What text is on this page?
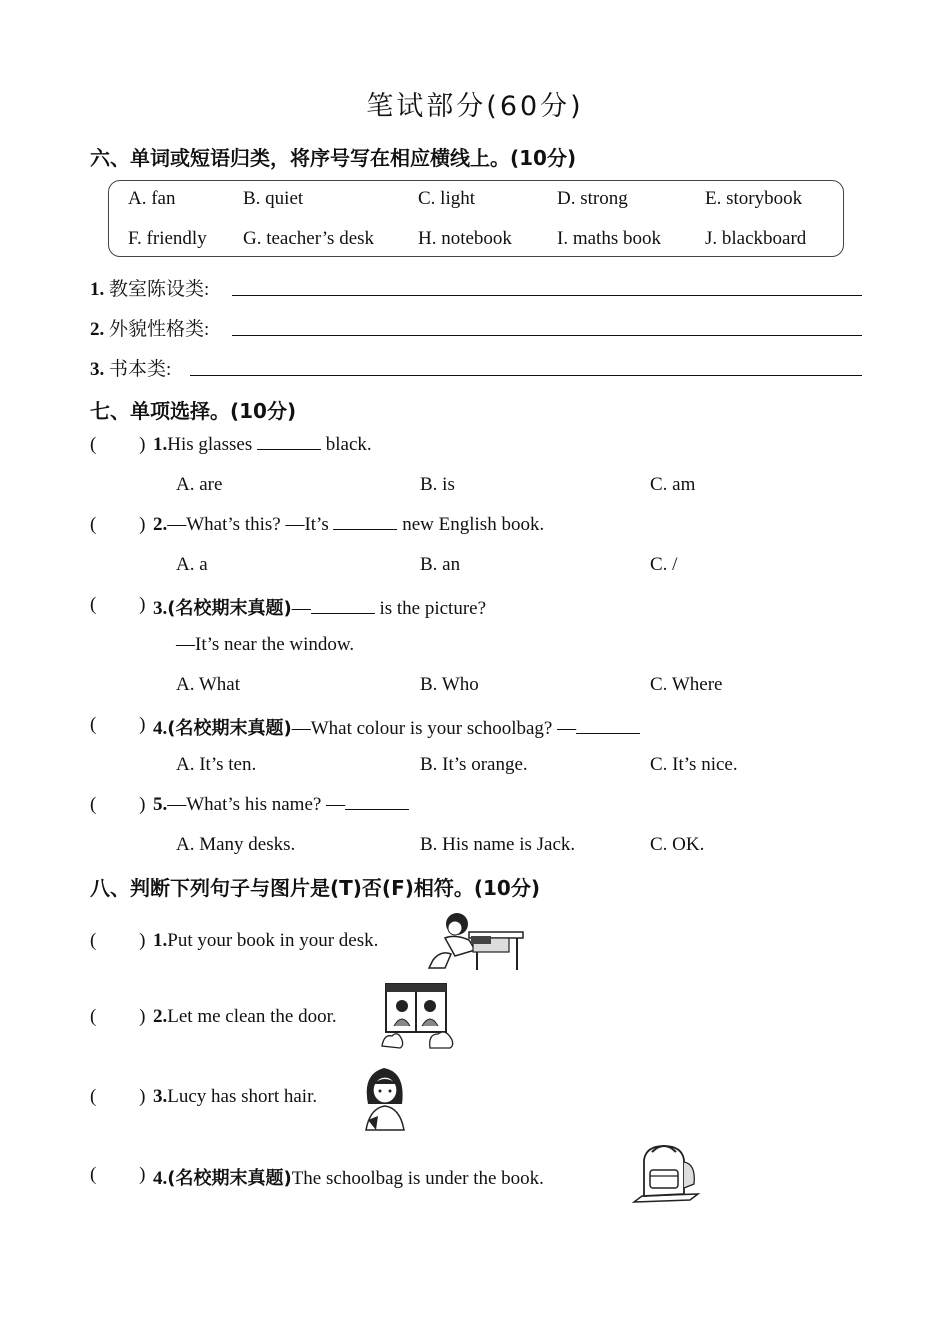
笔试部分(60分)
六、单词或短语归类，将序号写在相应横线上。(10分)
A. fan	B. quiet	C. light	D. strong	E. storybook
F. friendly G. teacher’s desk H. notebook I. maths book J. blackboard
1. 教室陈设类:
2. 外貌性格类:
3. 书本类:
七、单项选择。(10分)
(         ) 1.His glasses	black.
A. are	B. is	C. am
(         ) 2.—What’s this? —It’s	new English book.
A. a	B. an	C. /
(         ) 3.(名校期末真题)—	is the picture?
—It’s near the window.
A. What	B. Who	C. Where
(         ) 4.(名校期末真题)—What colour is your schoolbag? —
A. It’s ten.	B. It’s orange.	C. It’s nice.
(         ) 5.—What’s his name? —
A. Many desks.	B. His name is Jack.	C. OK.
八、判断下列句子与图片是(T)否(F)相符。(10分)
(         ) 1.Put your book in your desk.
(         ) 2.Let me clean the door.
(         ) 3.Lucy has short hair.
(         ) 4.(名校期末真题)The schoolbag is under the book.
